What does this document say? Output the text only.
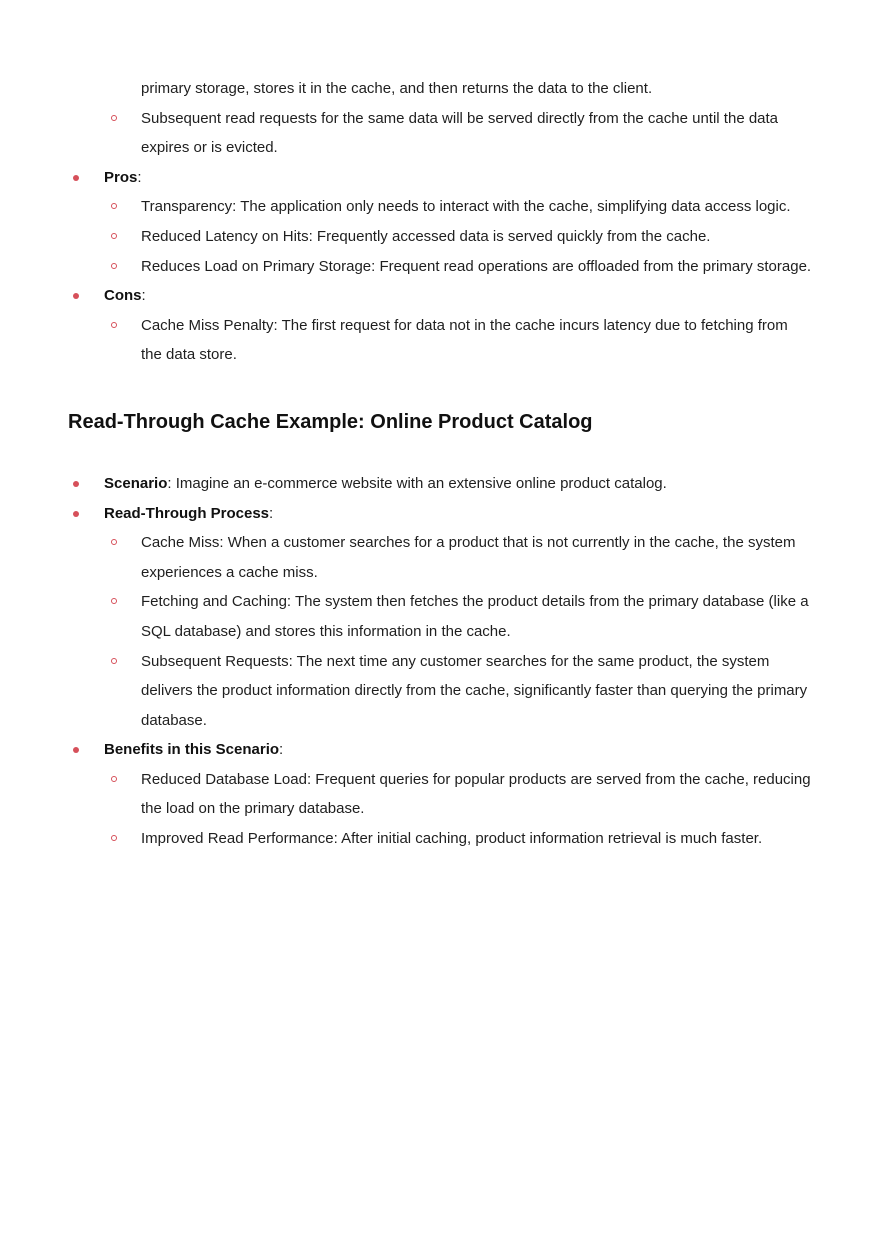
primary storage, stores it in the cache, and then returns the data to the client.
Subsequent read requests for the same data will be served directly from the cache until the data expires or is evicted.
Pros:
Transparency: The application only needs to interact with the cache, simplifying data access logic.
Reduced Latency on Hits: Frequently accessed data is served quickly from the cache.
Reduces Load on Primary Storage: Frequent read operations are offloaded from the primary storage.
Cons:
Cache Miss Penalty: The first request for data not in the cache incurs latency due to fetching from the data store.
Read-Through Cache Example: Online Product Catalog
Scenario: Imagine an e-commerce website with an extensive online product catalog.
Read-Through Process:
Cache Miss: When a customer searches for a product that is not currently in the cache, the system experiences a cache miss.
Fetching and Caching: The system then fetches the product details from the primary database (like a SQL database) and stores this information in the cache.
Subsequent Requests: The next time any customer searches for the same product, the system delivers the product information directly from the cache, significantly faster than querying the primary database.
Benefits in this Scenario:
Reduced Database Load: Frequent queries for popular products are served from the cache, reducing the load on the primary database.
Improved Read Performance: After initial caching, product information retrieval is much faster.
